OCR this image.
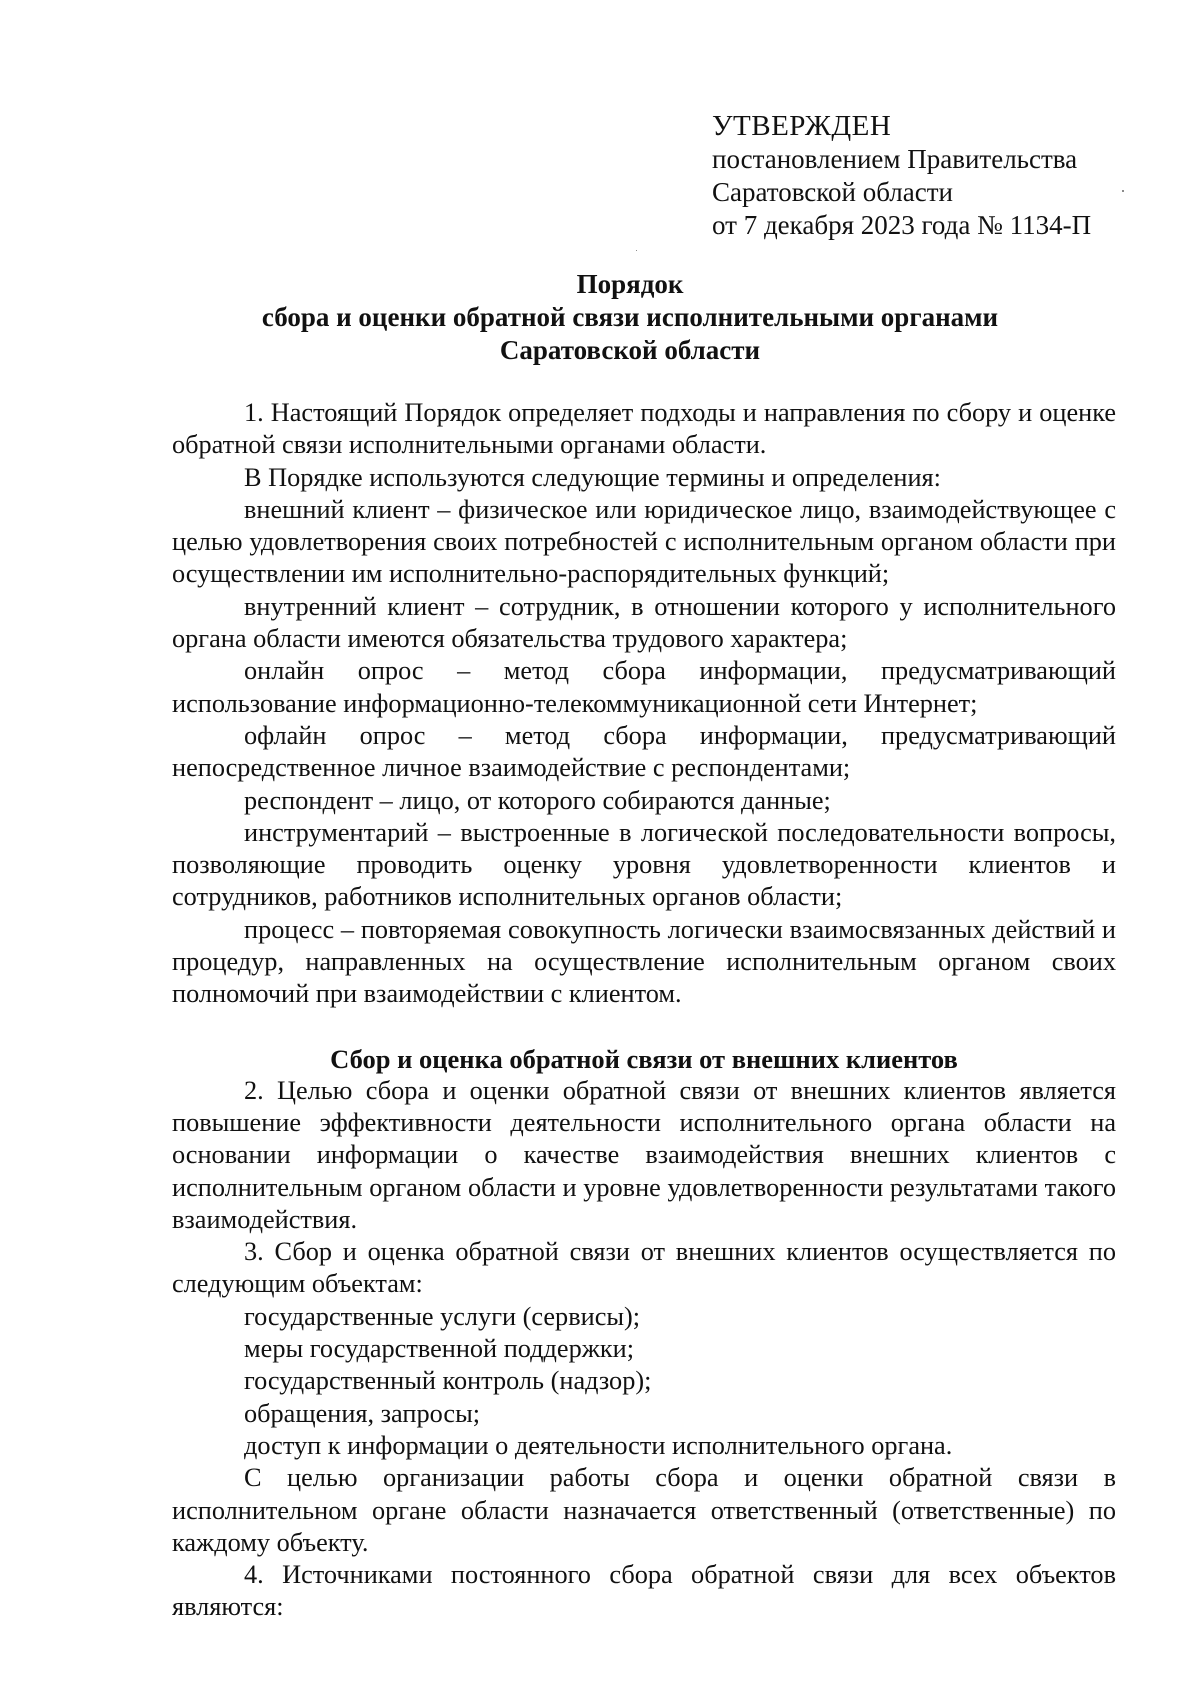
УТВЕРЖДЕН
постановлением Правительства
Саратовской области
от 7 декабря 2023 года № 1134-П
Порядок
сбора и оценки обратной связи исполнительными органами
Саратовской области

1. Настоящий Порядок определяет подходы и направления по сбору и оценке обратной связи исполнительными органами области.

В Порядке используются следующие термины и определения:

внешний клиент – физическое или юридическое лицо, взаимодействующее с целью удовлетворения своих потребностей с исполнительным органом области при осуществлении им исполнительно-распорядительных функций;

внутренний клиент – сотрудник, в отношении которого у исполнительного органа области имеются обязательства трудового характера;

онлайн опрос – метод сбора информации, предусматривающий использование информационно-телекоммуникационной сети Интернет;

офлайн опрос – метод сбора информации, предусматривающий непосредственное личное взаимодействие с респондентами;

респондент – лицо, от которого собираются данные;

инструментарий – выстроенные в логической последовательности вопросы, позволяющие проводить оценку уровня удовлетворенности клиентов и сотрудников, работников исполнительных органов области;

процесс – повторяемая совокупность логически взаимосвязанных действий и процедур, направленных на осуществление исполнительным органом своих полномочий при взаимодействии с клиентом.

Сбор и оценка обратной связи от внешних клиентов

2. Целью сбора и оценки обратной связи от внешних клиентов является повышение эффективности деятельности исполнительного органа области на основании информации о качестве взаимодействия внешних клиентов с исполнительным органом области и уровне удовлетворенности результатами такого взаимодействия.

3. Сбор и оценка обратной связи от внешних клиентов осуществляется по следующим объектам:

государственные услуги (сервисы);

меры государственной поддержки;

государственный контроль (надзор);

обращения, запросы;

доступ к информации о деятельности исполнительного органа.

С целью организации работы сбора и оценки обратной связи в исполнительном органе области назначается ответственный (ответственные) по каждому объекту.

4. Источниками постоянного сбора обратной связи для всех объектов являются:
